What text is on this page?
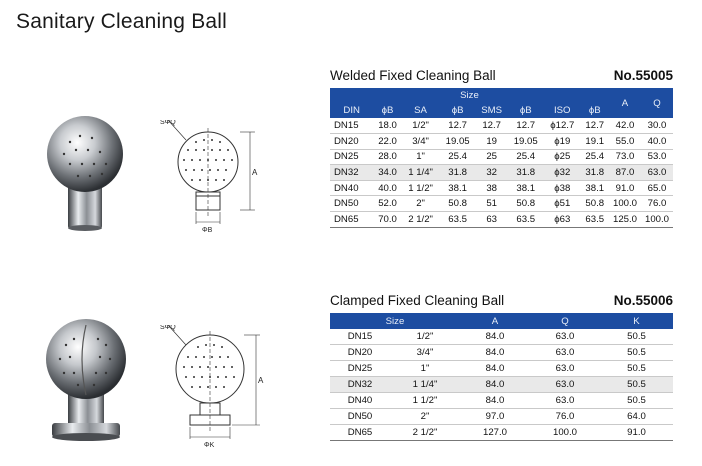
Sanitary Cleaning Ball
SΦQ
A
ΦB
Welded Fixed Cleaning Ball	No.55005
Size								A	Q
DIN	ϕB	SA	ϕB	SMS	ϕB	ISO	ϕB		
DN15	18.0	1/2"	12.7	12.7	12.7	ϕ12.7	12.7	42.0	30.0
DN20	22.0	3/4"	19.05	19	19.05	ϕ19	19.1	55.0	40.0
DN25	28.0	1"	25.4	25	25.4	ϕ25	25.4	73.0	53.0
DN32	34.0	1 1/4"	31.8	32	31.8	ϕ32	31.8	87.0	63.0
DN40	40.0	1 1/2"	38.1	38	38.1	ϕ38	38.1	91.0	65.0
DN50	52.0	2"	50.8	51	50.8	ϕ51	50.8	100.0	76.0
DN65	70.0	2 1/2"	63.5	63	63.5	ϕ63	63.5	125.0	100.0
SΦQ
A
ΦK
Clamped Fixed Cleaning Ball	No.55006
Size		A	Q	K
DN15	1/2"	84.0	63.0	50.5
DN20	3/4"	84.0	63.0	50.5
DN25	1"	84.0	63.0	50.5
DN32	1 1/4"	84.0	63.0	50.5
DN40	1 1/2"	84.0	63.0	50.5
DN50	2"	97.0	76.0	64.0
DN65	2 1/2"	127.0	100.0	91.0
